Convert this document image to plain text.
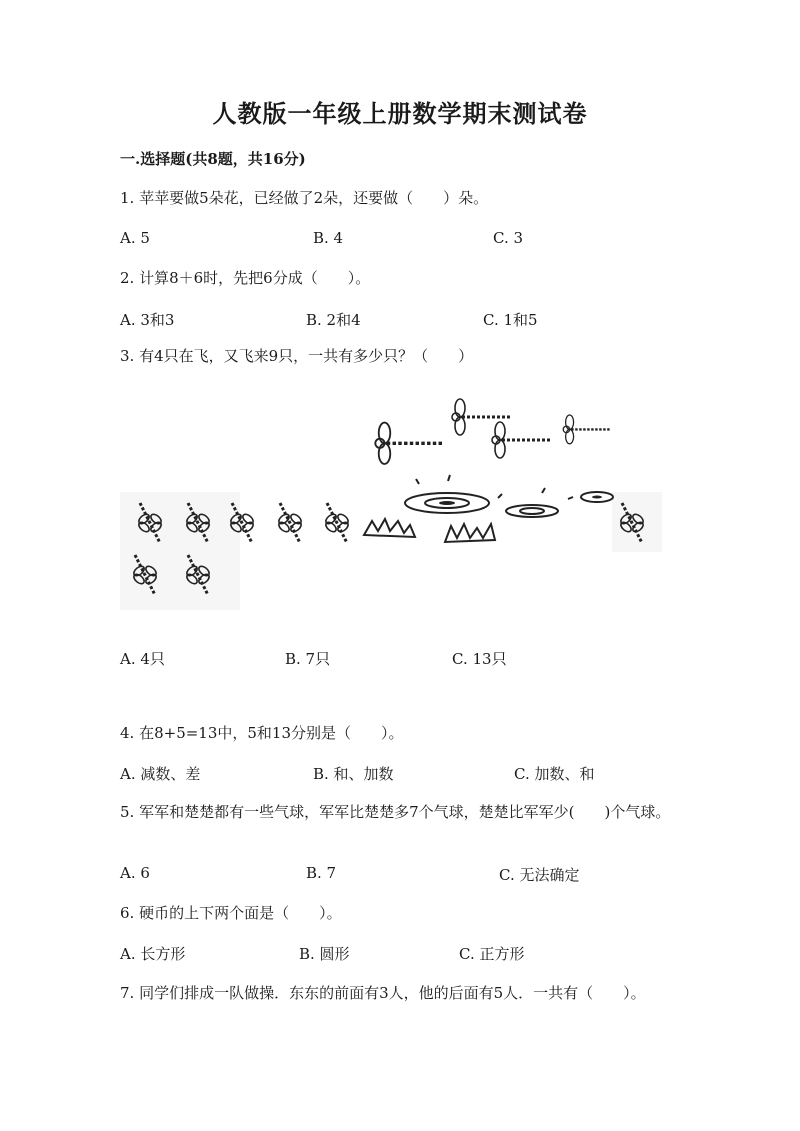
人教版一年级上册数学期末测试卷
一.选择题(共8题，共16分)
1. 苹苹要做5朵花，已经做了2朵，还要做（　　）朵。
A. 5	B. 4	C. 3
2. 计算8＋6时，先把6分成（　　）。
A. 3和3	B. 2和4	C. 1和5
3. 有4只在飞，又飞来9只，一共有多少只？（　　）
A. 4只	B. 7只	C. 13只
4. 在8+5=13中，5和13分别是（　　）。
A. 减数、差	B. 和、加数	C. 加数、和
5. 军军和楚楚都有一些气球，军军比楚楚多7个气球，楚楚比军军少(　　)个气球。
A. 6	B. 7	C. 无法确定
6. 硬币的上下两个面是（　　）。
A. 长方形	B. 圆形	C. 正方形
7. 同学们排成一队做操．东东的前面有3人，他的后面有5人．一共有（　　）。
